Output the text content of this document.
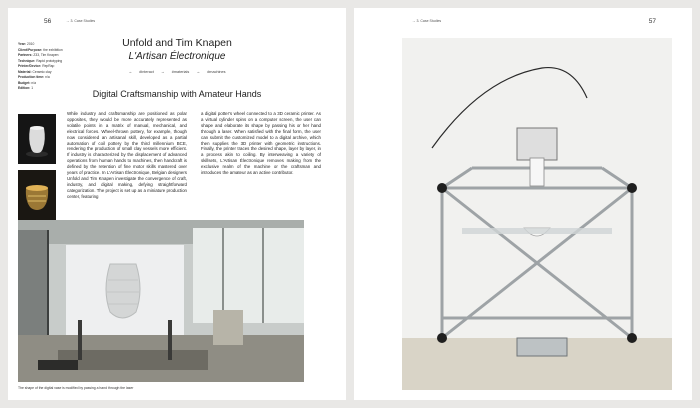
56	→ 3. Case Studies
Year: 2010
Client/Purpose: the exhibition
Partners: Z33, Tim Knapen
Technique: Rapid prototyping
Printer/Device: RepRap
Material: Ceramic clay
Production time: n/a
Budget: n/a
Edition: 1
Unfold and Tim Knapen
L'Artisan Électronique
→ #interact → #materials → #machines
Digital Craftsmanship with Amateur Hands
While industry and craftsmanship are positioned as polar opposites, they would be more accurately represented as volatile points in a matrix of manual, mechanical, and electrical forces. Wheel-thrown pottery, for example, though now considered an artisanal skill, developed as a partial automation of coil pottery by the third millennium BCE, rendering the production of small clay vessels more efficient. If industry is characterized by the displacement of advanced operations from human hands to machines, then handcraft is defined by the retention of fine motor skills mastered over years of practice. In L'Artisan Électronique, Belgian designers Unfold and Tim Knapen investigate the convergence of craft, industry, and digital making, defying straightforward categorization. The project is set up as a miniature production center, featuring
a digital potter's wheel connected to a 3D ceramic printer. As a virtual cylinder spins on a computer screen, the user can shape and elaborate its shape by passing his or her hand through a laser. When satisfied with the final form, the user can submit the customized model to a digital archive, which then supplies the 3D printer with geometric instructions. Finally, the printer traces the desired shape, layer by layer, in a process akin to coiling. By interweaving a variety of skillsets, L'Artisan Électronique removes making from the exclusive realm of the machine or the craftsman and introduces the amateur as an active contributor.
The shape of the digital vase is modified by passing a hand through the laser
→ 3. Case Studies	57
